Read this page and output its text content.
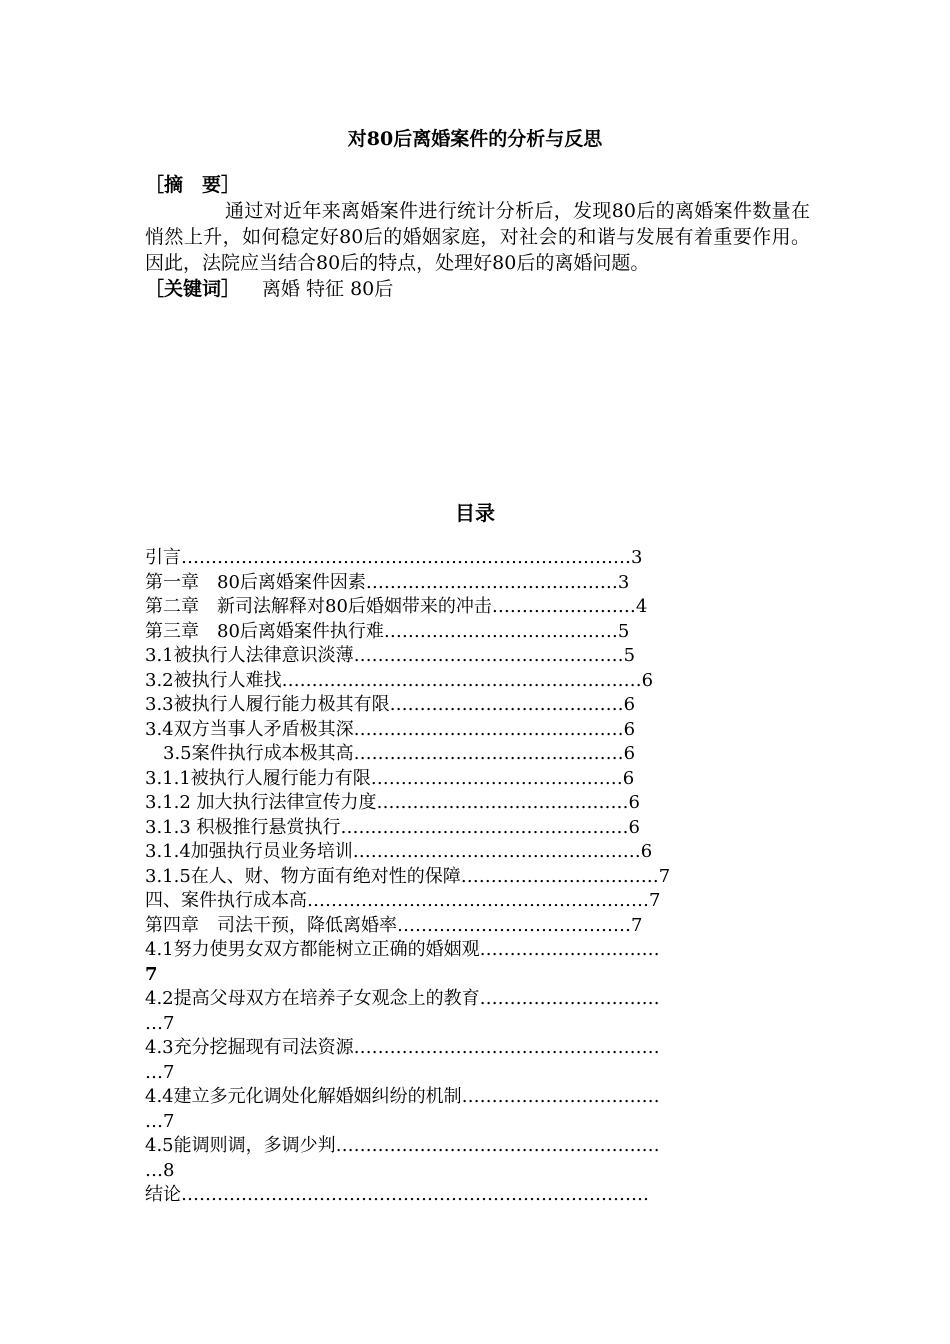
对80后离婚案件的分析与反思
［摘　要］
通过对近年来离婚案件进行统计分析后，发现80后的离婚案件数量在悄然上升，如何稳定好80后的婚姻家庭，对社会的和谐与发展有着重要作用。因此，法院应当结合80后的特点，处理好80后的离婚问题。
［关键词］ 离婚 特征 80后
目录
引言…………………………………………………………………3
第一章　80后离婚案件因素……………………………………3
第二章　新司法解释对80后婚姻带来的冲击……………………4
第三章　80后离婚案件执行难…………………………………5
3.1被执行人法律意识淡薄………………………………………5
3.2被执行人难找……………………………………………………6
3.3被执行人履行能力极其有限…………………………………6
3.4双方当事人矛盾极其深………………………………………6
　3.5案件执行成本极其高………………………………………6
3.1.1被执行人履行能力有限……………………………………6
3.1.2 加大执行法律宣传力度……………………………………6
3.1.3 积极推行悬赏执行…………………………………………6
3.1.4加强执行员业务培训…………………………………………6
3.1.5在人、财、物方面有绝对性的保障……………………………7
四、案件执行成本高…………………………………………………7
第四章　司法干预，降低离婚率…………………………………7
4.1努力使男女双方都能树立正确的婚姻观…………………………
7
4.2提高父母双方在培养子女观念上的教育…………………………
…7
4.3充分挖掘现有司法资源……………………………………………
…7
4.4建立多元化调处化解婚姻纠纷的机制……………………………
…7
4.5能调则调，多调少判………………………………………………
…8
结论……………………………………………………………………
